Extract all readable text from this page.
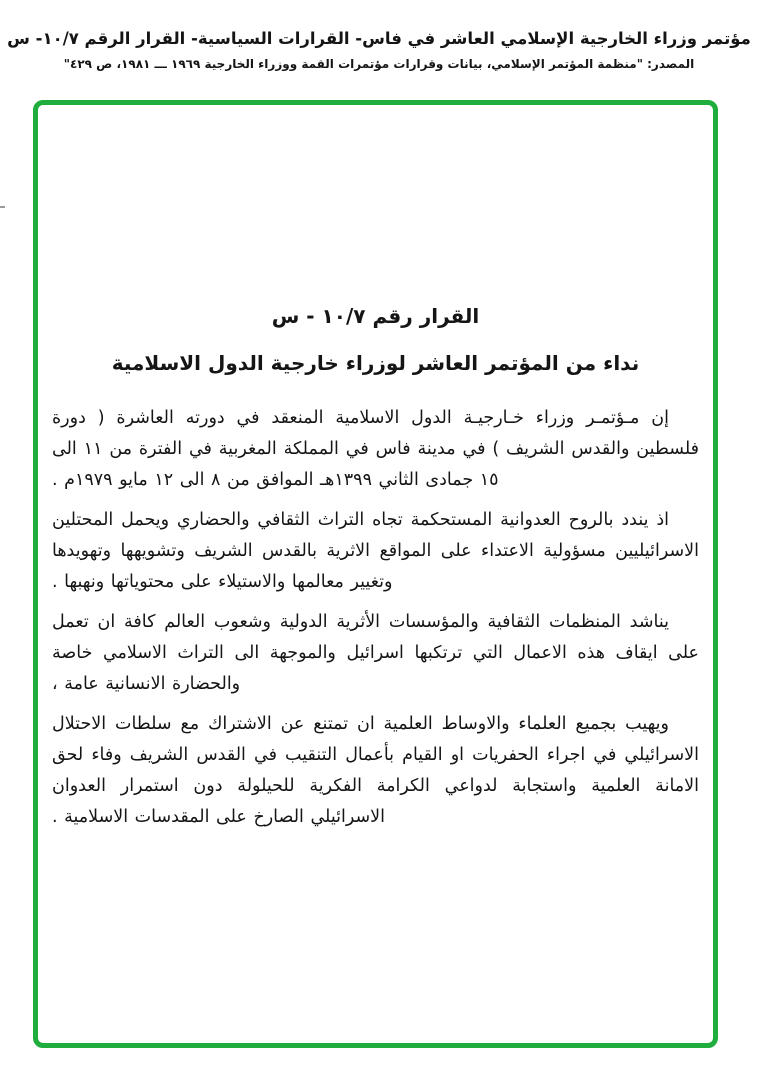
مؤتمر وزراء الخارجية الإسلامي العاشر في فاس- القرارات السياسية- القرار الرقم ١٠/٧- س
المصدر: "منظمة المؤتمر الإسلامي، بيانات وقرارات مؤتمرات القمة ووزراء الخارجية ١٩٦٩ ـــ ١٩٨١، ص ٤٢٩"
القرار رقم ١٠/٧ - س
نداء من المؤتمر العاشر لوزراء خارجية الدول الاسلامية

إن مـؤتمـر وزراء خـارجيـة الدول الاسلامية المنعقد في دورته العاشرة ( دورة فلسطين والقدس الشريف ) في مدينة فاس في المملكة المغربية في الفترة من ١١ الى ١٥ جمادى الثاني ١٣٩٩هـ الموافق من ٨ الى ١٢ مايو ١٩٧٩م .

اذ يندد بالروح العدوانية المستحكمة تجاه التراث الثقافي والحضاري ويحمل المحتلين الاسرائيليين مسؤولية الاعتداء على المواقع الاثرية بالقدس الشريف وتشويهها وتهويدها وتغيير معالمها والاستيلاء على محتوياتها ونهبها .

يناشد المنظمات الثقافية والمؤسسات الأثرية الدولية وشعوب العالم كافة ان تعمل على ايقاف هذه الاعمال التي ترتكبها اسرائيل والموجهة الى التراث الاسلامي خاصة والحضارة الانسانية عامة ،

ويهيب بجميع العلماء والاوساط العلمية ان تمتنع عن الاشتراك مع سلطات الاحتلال الاسرائيلي في اجراء الحفريات او القيام بأعمال التنقيب في القدس الشريف وفاء لحق الامانة العلمية واستجابة لدواعي الكرامة الفكرية للحيلولة دون استمرار العدوان الاسرائيلي الصارخ على المقدسات الاسلامية .
